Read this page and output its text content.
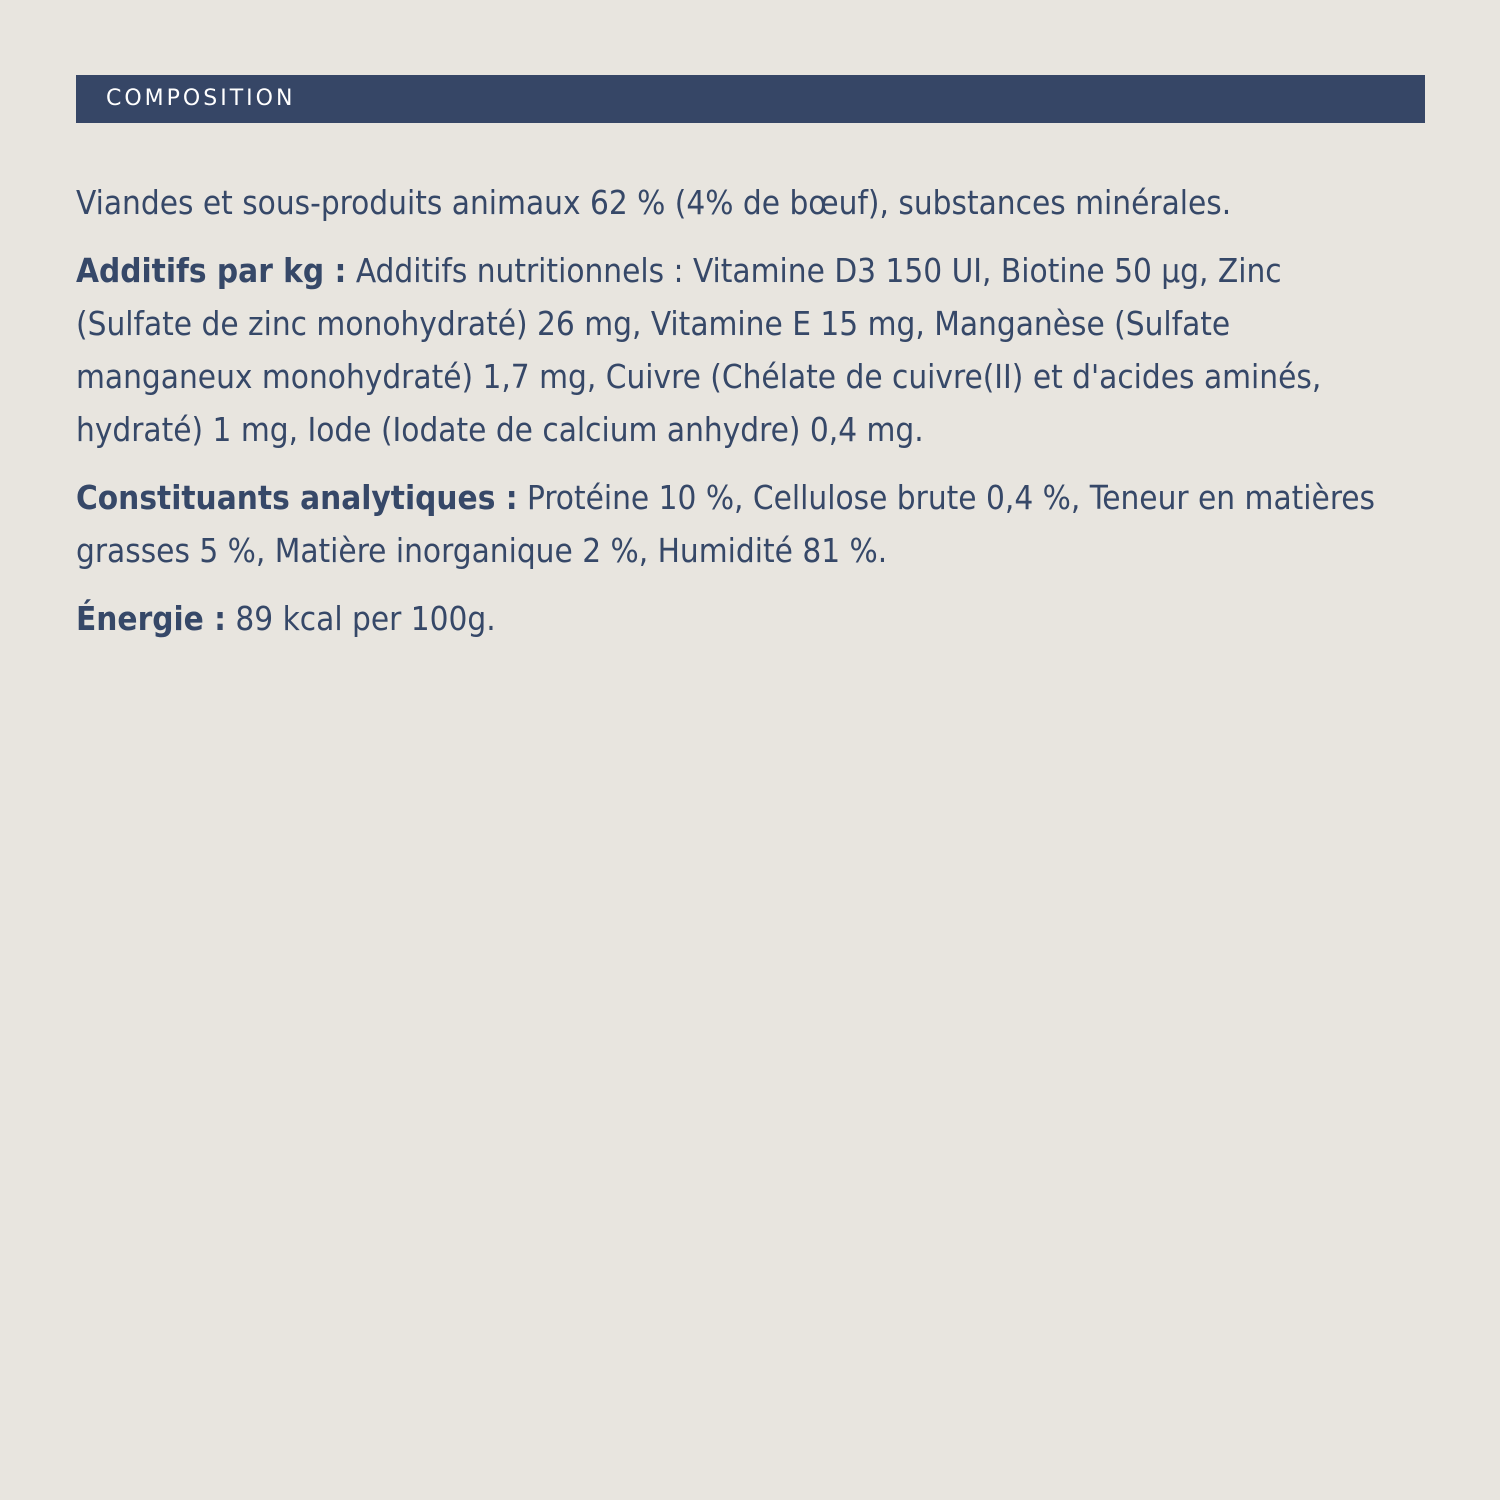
COMPOSITION

Viandes et sous-produits animaux 62 % (4% de bœuf), substances minérales.

Additifs par kg : Additifs nutritionnels : Vitamine D3 150 UI, Biotine 50 µg, Zinc (Sulfate de zinc monohydraté) 26 mg, Vitamine E 15 mg, Manganèse (Sulfate manganeux monohydraté) 1,7 mg, Cuivre (Chélate de cuivre(II) et d'acides aminés, hydraté) 1 mg, Iode (Iodate de calcium anhydre) 0,4 mg.

Constituants analytiques : Protéine 10 %, Cellulose brute 0,4 %, Teneur en matières grasses 5 %, Matière inorganique 2 %, Humidité 81 %.

Énergie : 89 kcal per 100g.
